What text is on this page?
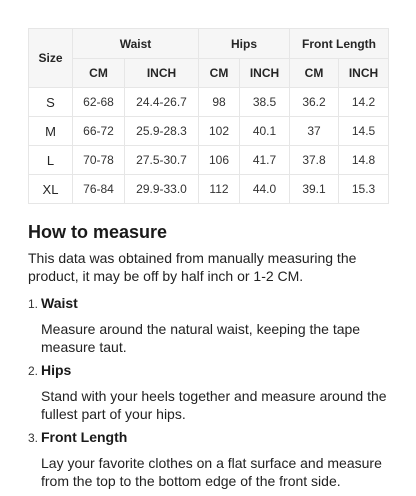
Size	Waist		Hips		Front Length	
	CM	INCH	CM	INCH	CM	INCH
S	62-68	24.4-26.7	98	38.5	36.2	14.2
M	66-72	25.9-28.3	102	40.1	37	14.5
L	70-78	27.5-30.7	106	41.7	37.8	14.8
XL	76-84	29.9-33.0	112	44.0	39.1	15.3
How to measure

This data was obtained from manually measuring the product, it may be off by half inch or 1-2 CM.

1. Waist

Measure around the natural waist, keeping the tape measure taut.

2. Hips

Stand with your heels together and measure around the fullest part of your hips.

3. Front Length

Lay your favorite clothes on a flat surface and measure from the top to the bottom edge of the front side.
